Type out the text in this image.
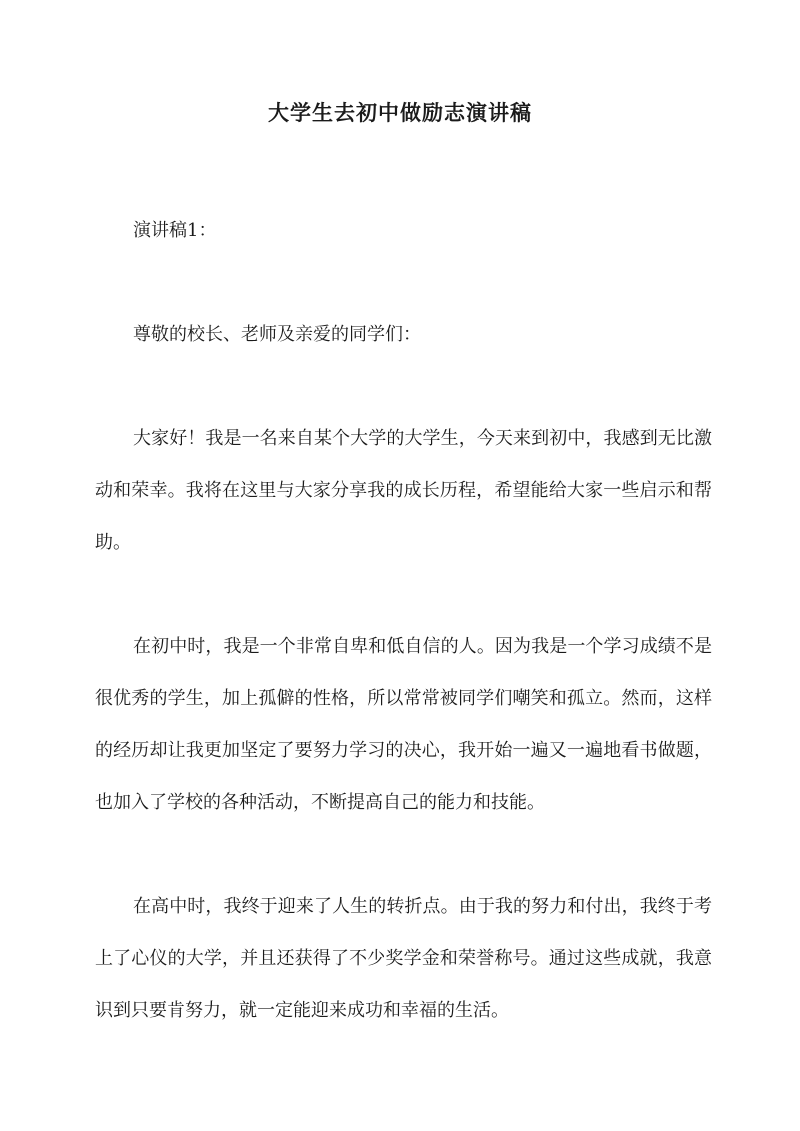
大学生去初中做励志演讲稿

演讲稿1：

尊敬的校长、老师及亲爱的同学们：

大家好！我是一名来自某个大学的大学生，今天来到初中，我感到无比激动和荣幸。我将在这里与大家分享我的成长历程，希望能给大家一些启示和帮助。

在初中时，我是一个非常自卑和低自信的人。因为我是一个学习成绩不是很优秀的学生，加上孤僻的性格，所以常常被同学们嘲笑和孤立。然而，这样的经历却让我更加坚定了要努力学习的决心，我开始一遍又一遍地看书做题，也加入了学校的各种活动，不断提高自己的能力和技能。

在高中时，我终于迎来了人生的转折点。由于我的努力和付出，我终于考上了心仪的大学，并且还获得了不少奖学金和荣誉称号。通过这些成就，我意识到只要肯努力，就一定能迎来成功和幸福的生活。
